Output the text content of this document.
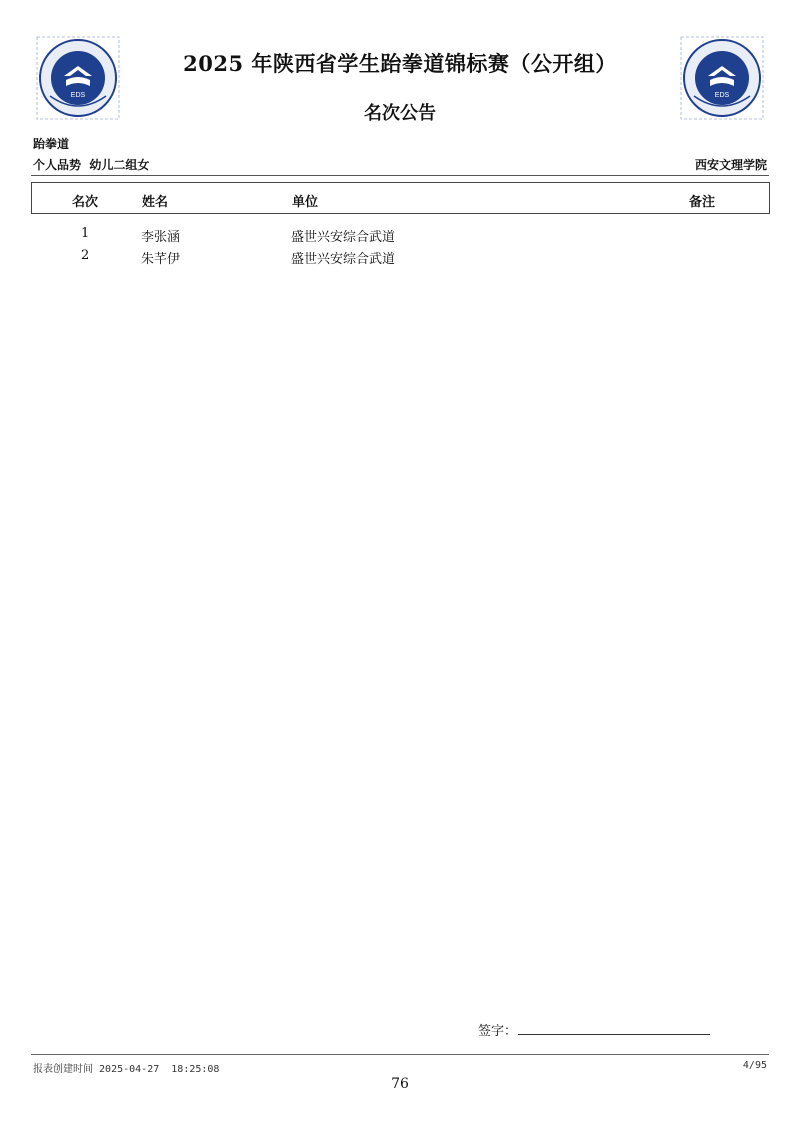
EDS	EDS
2025 年陕西省学生跆拳道锦标赛（公开组）
名次公告
跆拳道
个人品势  幼儿二组女	西安文理学院
名次	姓名	单位	备注
1	李张涵	盛世兴安综合武道
2	朱芊伊	盛世兴安综合武道
签字：
报表创建时间 2025-04-27  18:25:08	4/95
76
